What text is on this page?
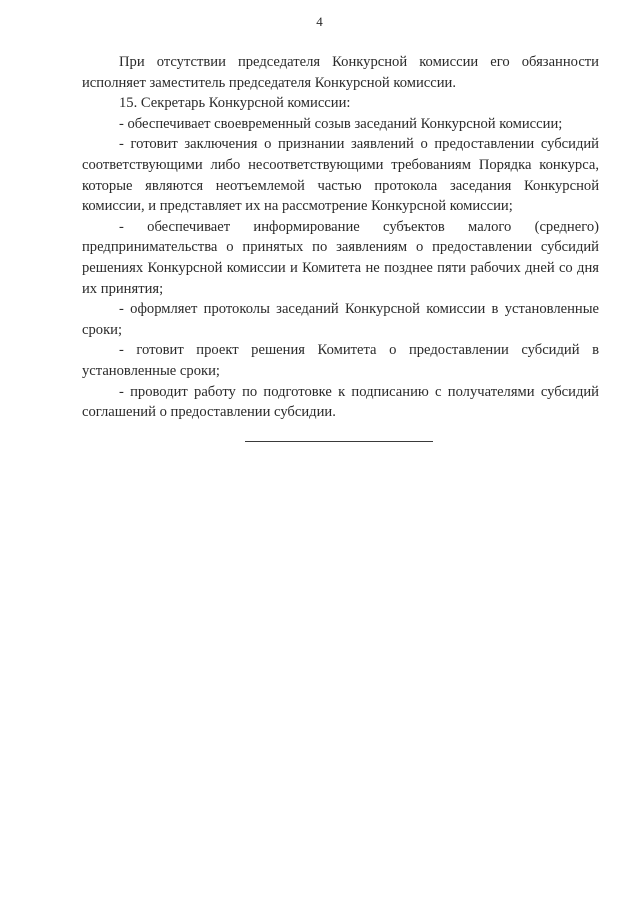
4

При отсутствии председателя Конкурсной комиссии его обязанности исполняет заместитель председателя Конкурсной комиссии.

15. Секретарь Конкурсной комиссии:

- обеспечивает своевременный созыв заседаний Конкурсной комиссии;

- готовит заключения о признании заявлений о предоставлении субсидий соответствующими либо несоответствующими требованиям Порядка конкурса, которые являются неотъемлемой частью протокола заседания Конкурсной комиссии, и представляет их на рассмотрение Конкурсной комиссии;

- обеспечивает информирование субъектов малого (среднего) предпринимательства о принятых по заявлениям о предоставлении субсидий решениях Конкурсной комиссии и Комитета не позднее пяти рабочих дней со дня их принятия;

- оформляет протоколы заседаний Конкурсной комиссии в установленные сроки;

- готовит проект решения Комитета о предоставлении субсидий в установленные сроки;

- проводит работу по подготовке к подписанию с получателями субсидий соглашений о предоставлении субсидии.
